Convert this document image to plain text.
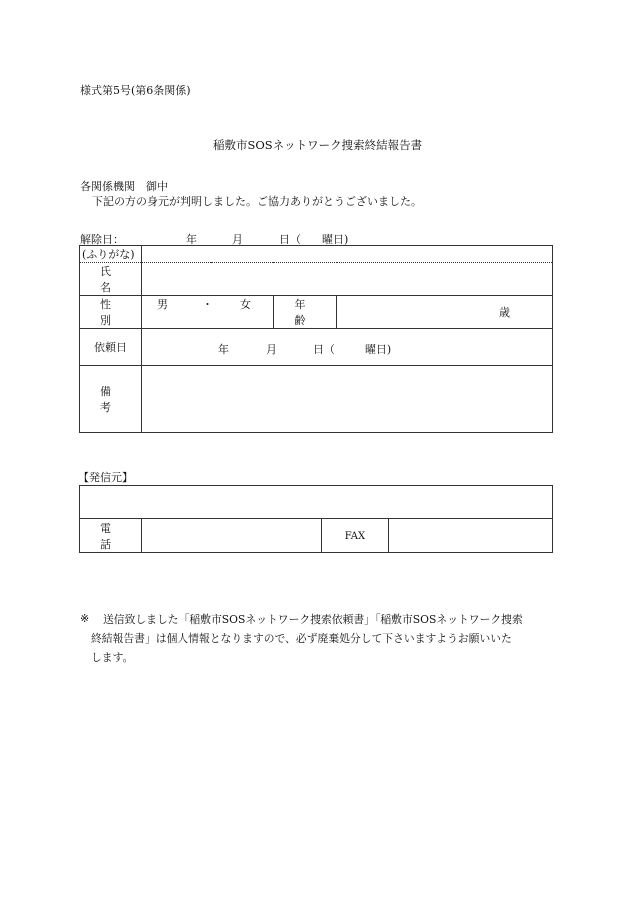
様式第5号(第6条関係)
稲敷市SOSネットワーク捜索終結報告書
各関係機関　御中
下記の方の身元が判明しました。ご協力ありがとうございました。
解除日：	年	月	日（ 曜日)
(ふりがな)			
氏　名			
性　別	男 ・ 女	年　齢	歳
依頼日	年 月 日（ 曜日)		

備　考			
【発信元】

電　話		FAX	
※ 送信致しました「稲敷市SOSネットワーク捜索依頼書」「稲敷市SOSネットワーク捜索
終結報告書」は個人情報となりますので、必ず廃棄処分して下さいますようお願いいた
します。
